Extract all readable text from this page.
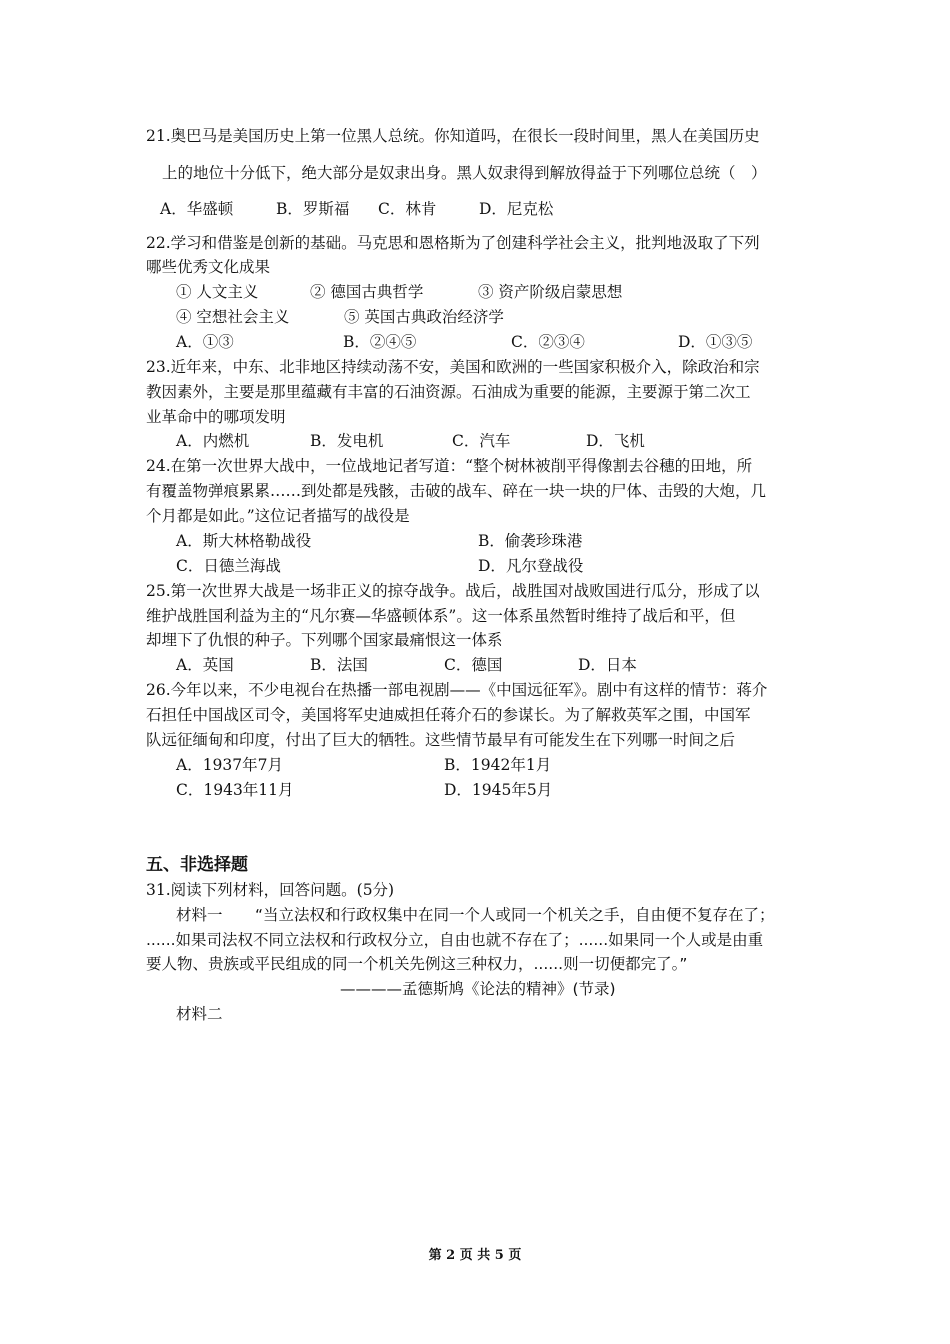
21.奥巴马是美国历史上第一位黑人总统。你知道吗，在很长一段时间里，黑人在美国历史
上的地位十分低下，绝大部分是奴隶出身。黑人奴隶得到解放得益于下列哪位总统（　）
A．华盛顿	B．罗斯福 C．林肯	D．尼克松
22.学习和借鉴是创新的基础。马克思和恩格斯为了创建科学社会主义，批判地汲取了下列
哪些优秀文化成果
① 人文主义	② 德国古典哲学	③ 资产阶级启蒙思想
④ 空想社会主义	⑤ 英国古典政治经济学
A．①③	B．②④⑤	C．②③④	D．①③⑤
23.近年来，中东、北非地区持续动荡不安，美国和欧洲的一些国家积极介入，除政治和宗
教因素外，主要是那里蕴藏有丰富的石油资源。石油成为重要的能源，主要源于第二次工
业革命中的哪项发明
A．内燃机	B．发电机	C．汽车	D．飞机
24.在第一次世界大战中，一位战地记者写道：“整个树林被削平得像割去谷穗的田地，所
有覆盖物弹痕累累……到处都是残骸，击破的战车、碎在一块一块的尸体、击毁的大炮，几
个月都是如此。”这位记者描写的战役是
A．斯大林格勒战役	B．偷袭珍珠港
C．日德兰海战	D．凡尔登战役
25.第一次世界大战是一场非正义的掠夺战争。战后，战胜国对战败国进行瓜分，形成了以
维护战胜国利益为主的“凡尔赛—华盛顿体系”。这一体系虽然暂时维持了战后和平，但
却埋下了仇恨的种子。下列哪个国家最痛恨这一体系
A．英国	B．法国	C．德国	D．日本
26.今年以来，不少电视台在热播一部电视剧——《中国远征军》。剧中有这样的情节：蒋介
石担任中国战区司令，美国将军史迪威担任蒋介石的参谋长。为了解救英军之围，中国军
队远征缅甸和印度，付出了巨大的牺牲。这些情节最早有可能发生在下列哪一时间之后
A．1937年7月	B．1942年1月
C．1943年11月	D．1945年5月
五、非选择题
31.阅读下列材料，回答问题。(5分)
材料一 “当立法权和行政权集中在同一个人或同一个机关之手，自由便不复存在了；
......如果司法权不同立法权和行政权分立，自由也就不存在了；......如果同一个人或是由重
要人物、贵族或平民组成的同一个机关先例这三种权力，......则一切便都完了。”
————孟德斯鸠《论法的精神》(节录)
材料二
第 2 页 共 5 页
